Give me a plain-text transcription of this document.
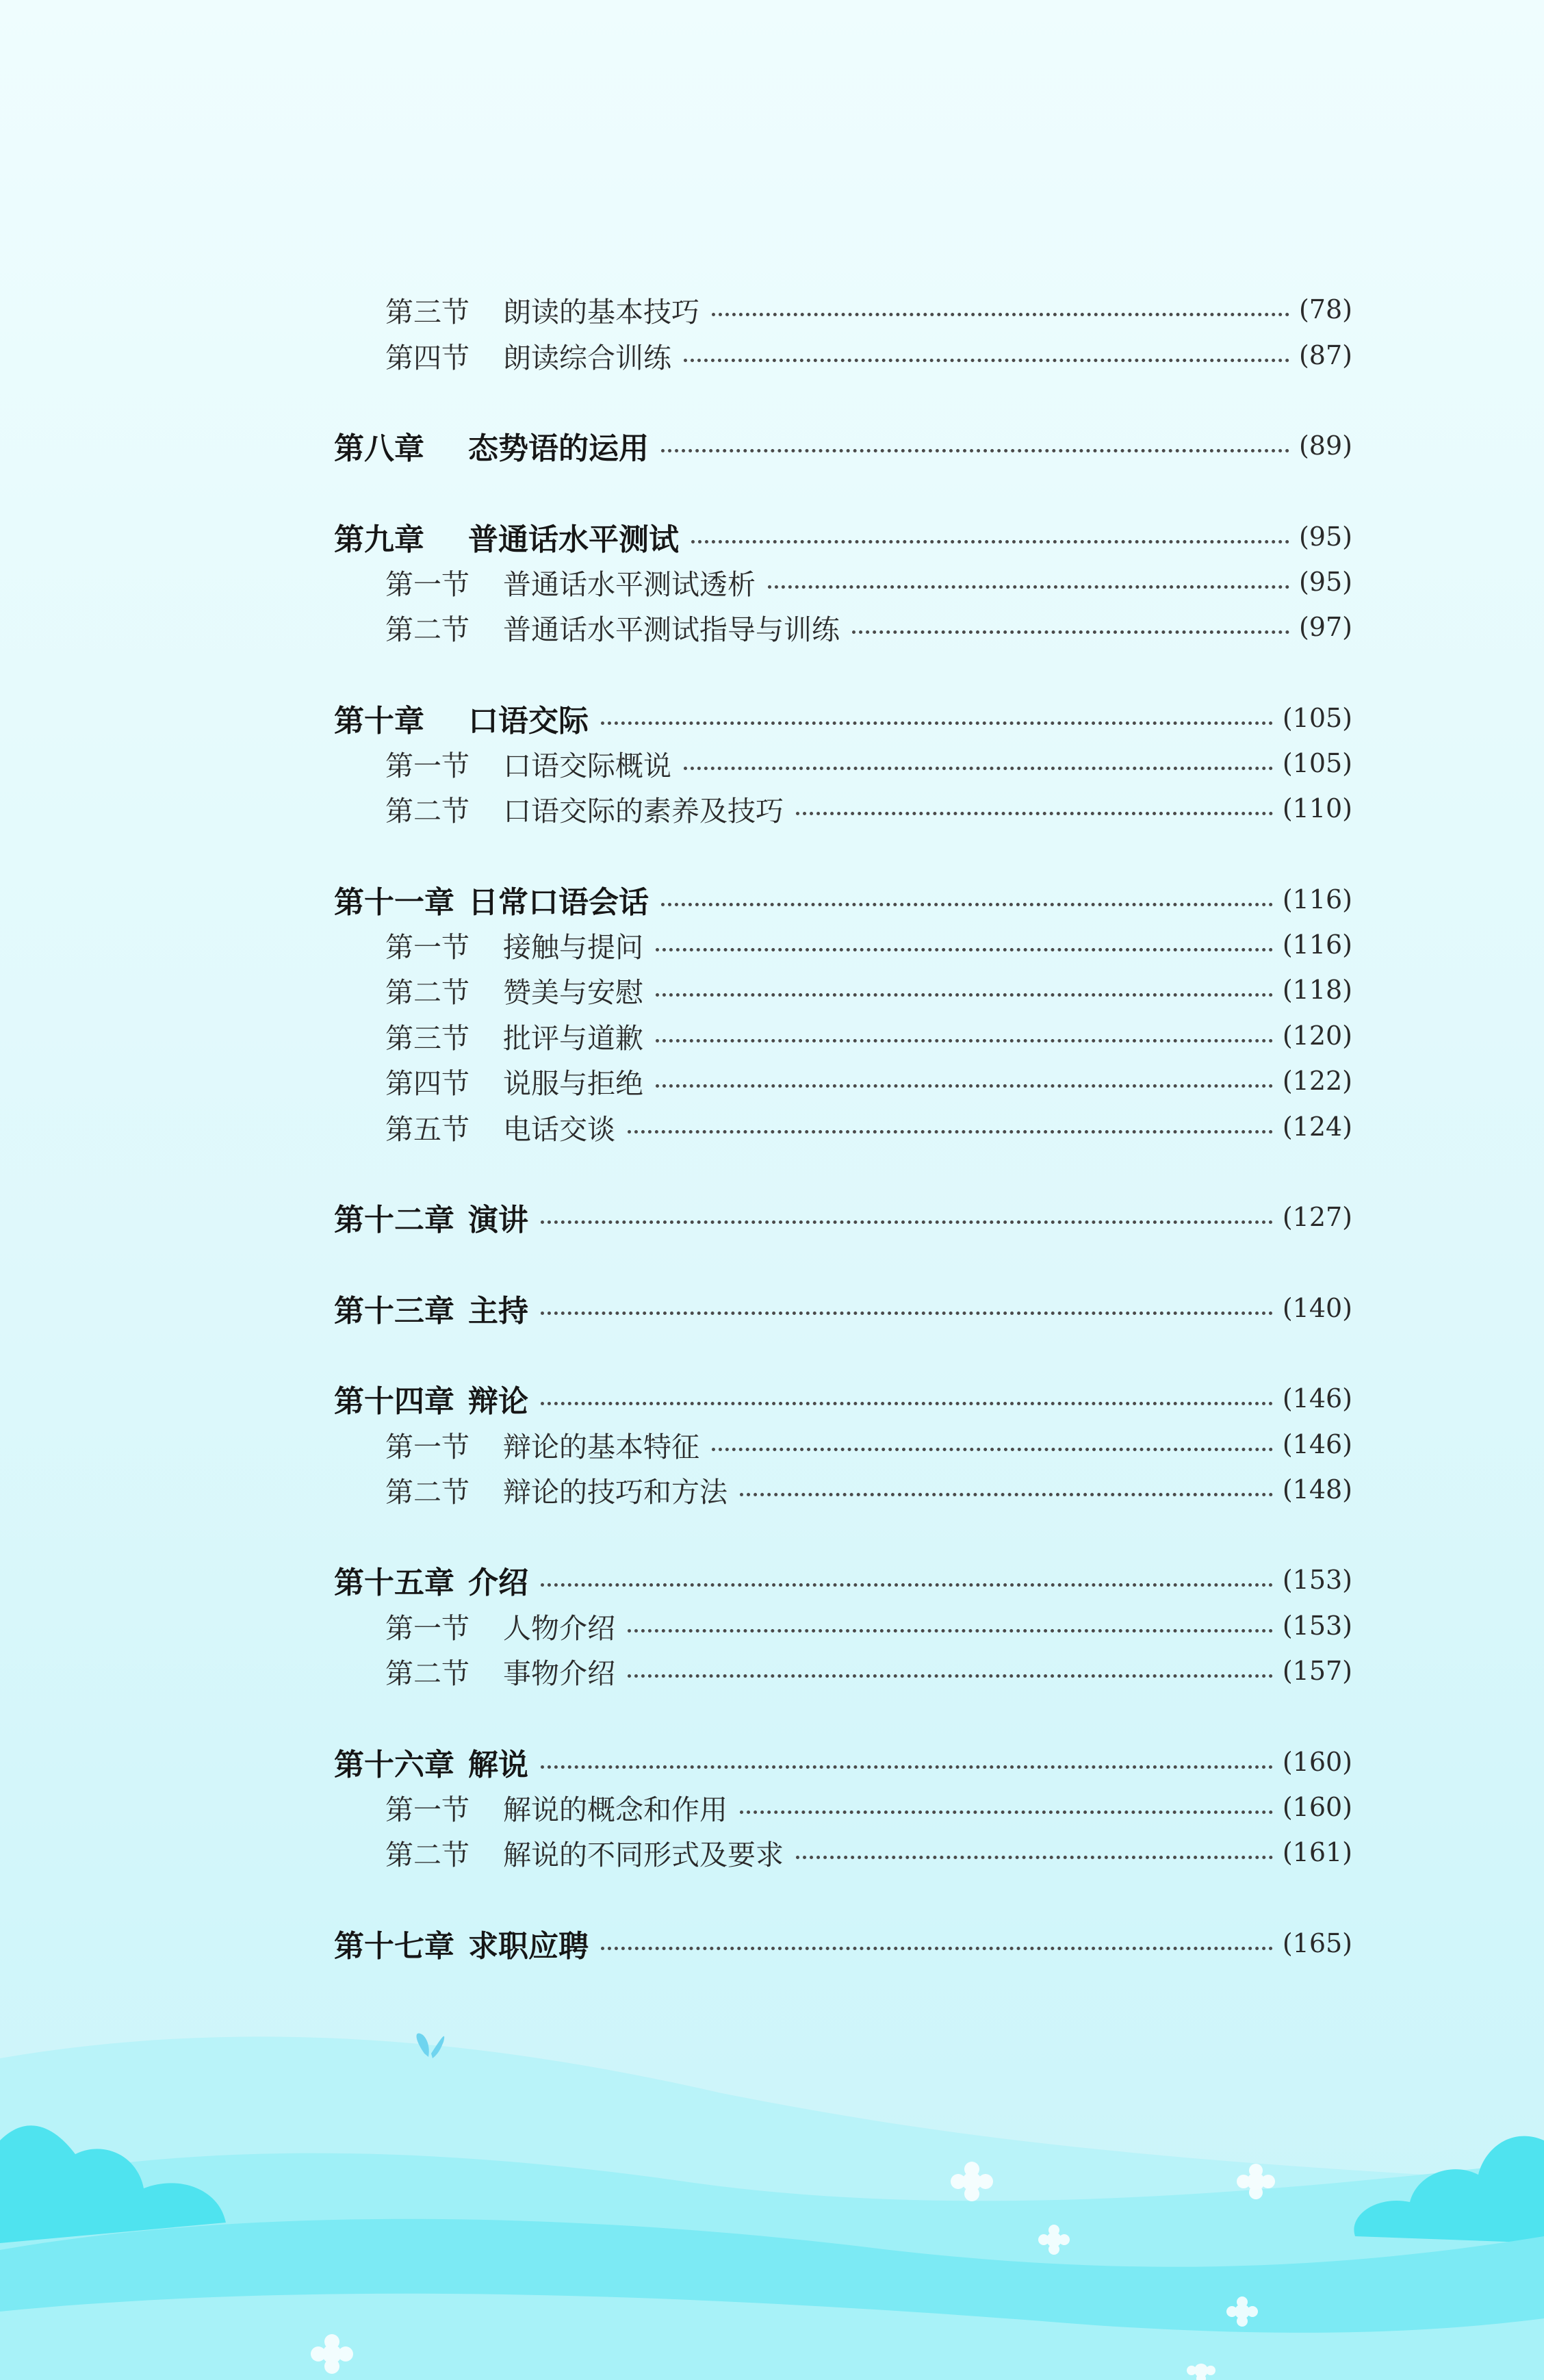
第三节	朗读的基本技巧	(78)
第四节	朗读综合训练	(87)
第八章	态势语的运用	(89)
第九章	普通话水平测试	(95)
第一节	普通话水平测试透析	(95)
第二节	普通话水平测试指导与训练	(97)
第十章	口语交际	(105)
第一节	口语交际概说	(105)
第二节	口语交际的素养及技巧	(110)
第十一章 日常口语会话	(116)
第一节	接触与提问	(116)
第二节	赞美与安慰	(118)
第三节	批评与道歉	(120)
第四节	说服与拒绝	(122)
第五节	电话交谈	(124)
第十二章 演讲	(127)
第十三章 主持	(140)
第十四章 辩论	(146)
第一节	辩论的基本特征	(146)
第二节	辩论的技巧和方法	(148)
第十五章 介绍	(153)
第一节	人物介绍	(153)
第二节	事物介绍	(157)
第十六章 解说	(160)
第一节	解说的概念和作用	(160)
第二节	解说的不同形式及要求	(161)
第十七章 求职应聘	(165)
